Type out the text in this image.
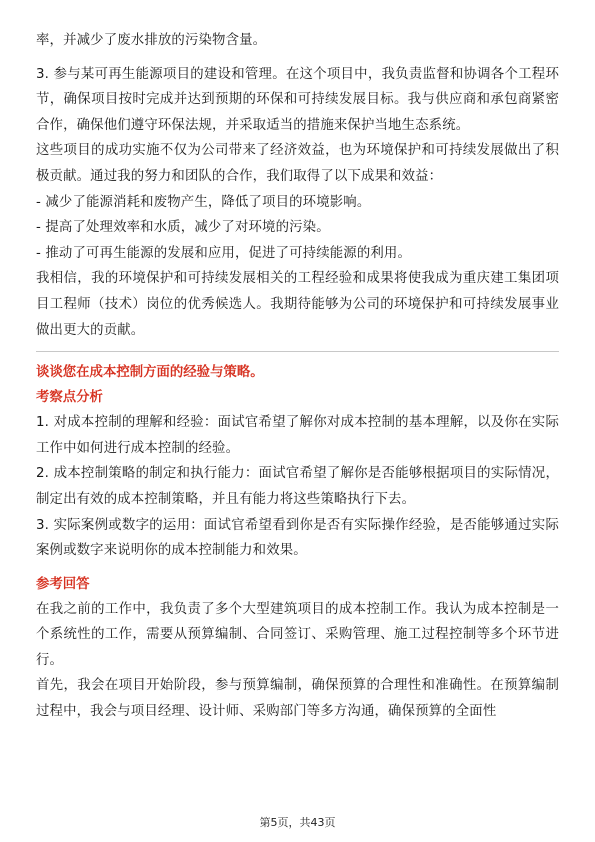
率，并减少了废水排放的污染物含量。

3. 参与某可再生能源项目的建设和管理。在这个项目中，我负责监督和协调各个工程环节，确保项目按时完成并达到预期的环保和可持续发展目标。我与供应商和承包商紧密合作，确保他们遵守环保法规，并采取适当的措施来保护当地生态系统。

这些项目的成功实施不仅为公司带来了经济效益，也为环境保护和可持续发展做出了积极贡献。通过我的努力和团队的合作，我们取得了以下成果和效益：

- 减少了能源消耗和废物产生，降低了项目的环境影响。

- 提高了处理效率和水质，减少了对环境的污染。

- 推动了可再生能源的发展和应用，促进了可持续能源的利用。

我相信，我的环境保护和可持续发展相关的工程经验和成果将使我成为重庆建工集团项目工程师（技术）岗位的优秀候选人。我期待能够为公司的环境保护和可持续发展事业做出更大的贡献。

谈谈您在成本控制方面的经验与策略。

考察点分析

1. 对成本控制的理解和经验：面试官希望了解你对成本控制的基本理解，以及你在实际工作中如何进行成本控制的经验。

2. 成本控制策略的制定和执行能力：面试官希望了解你是否能够根据项目的实际情况，制定出有效的成本控制策略，并且有能力将这些策略执行下去。

3. 实际案例或数字的运用：面试官希望看到你是否有实际操作经验，是否能够通过实际案例或数字来说明你的成本控制能力和效果。

参考回答

在我之前的工作中，我负责了多个大型建筑项目的成本控制工作。我认为成本控制是一个系统性的工作，需要从预算编制、合同签订、采购管理、施工过程控制等多个环节进行。

首先，我会在项目开始阶段，参与预算编制，确保预算的合理性和准确性。在预算编制过程中，我会与项目经理、设计师、采购部门等多方沟通，确保预算的全面性

第5页，共43页
